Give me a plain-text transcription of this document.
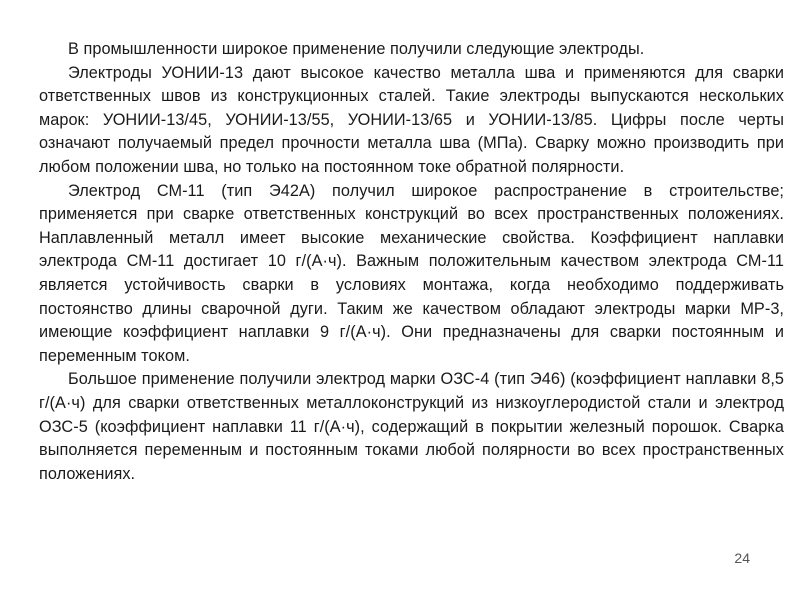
В промышленности широкое применение получили следующие электроды.

Электроды УОНИИ-13 дают высокое качество металла шва и применяются для сварки ответственных швов из конструкционных сталей. Такие электроды выпускаются нескольких марок: УОНИИ-13/45, УОНИИ-13/55, УОНИИ-13/65 и УОНИИ-13/85. Цифры после черты означают получаемый предел прочности металла шва (МПа). Сварку можно производить при любом положении шва, но только на постоянном токе обратной полярности.

Электрод СМ-11 (тип Э42А) получил широкое распространение в строительстве; применяется при сварке ответственных конструкций во всех пространственных положениях. Наплавленный металл имеет высокие механические свойства. Коэффициент наплавки электрода СМ-11 достигает 10 г/(А·ч). Важным положительным качеством электрода СМ-11 является устойчивость сварки в условиях монтажа, когда необходимо поддерживать постоянство длины сварочной дуги. Таким же качеством обладают электроды марки МР-3, имеющие коэффициент наплавки 9 г/(А·ч). Они предназначены для сварки постоянным и переменным током.

Большое применение получили электрод марки ОЗС-4 (тип Э46) (коэффициент наплавки 8,5 г/(А·ч) для сварки ответственных металлоконструкций из низкоуглеродистой стали и электрод ОЗС-5 (коэффициент наплавки 11 г/(А·ч), содержащий в покрытии железный порошок. Сварка выполняется переменным и постоянным токами любой полярности во всех пространственных положениях.

24
